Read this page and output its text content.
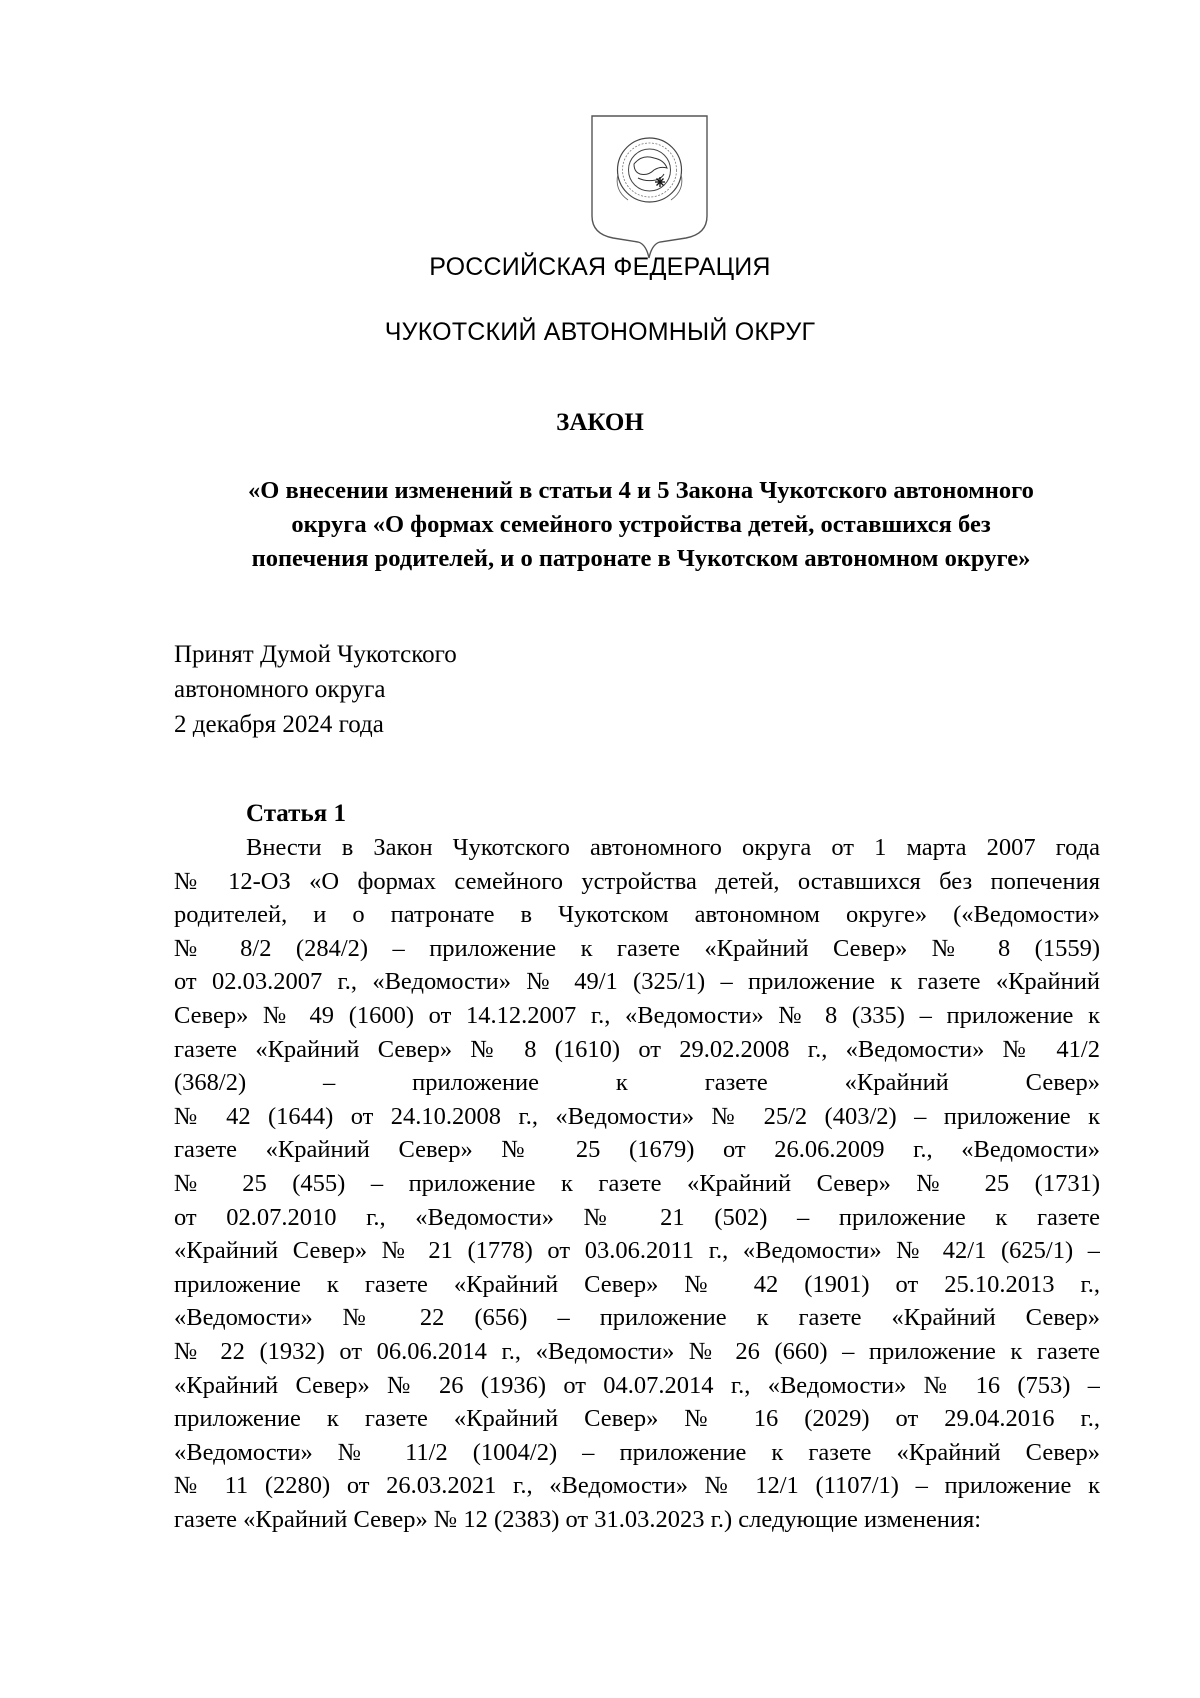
РОССИЙСКАЯ ФЕДЕРАЦИЯ
ЧУКОТСКИЙ АВТОНОМНЫЙ ОКРУГ
ЗАКОН
«О внесении изменений в статьи 4 и 5 Закона Чукотского автономного
округа «О формах семейного устройства детей, оставшихся без
попечения родителей, и о патронате в Чукотском автономном округе»
Принят Думой Чукотского
автономного округа
2 декабря 2024 года
Статья 1
Внести в Закон Чукотского автономного округа от 1 марта 2007 года
№ 12-ОЗ «О формах семейного устройства детей, оставшихся без попечения
родителей, и о патронате в Чукотском автономном округе» («Ведомости»
№ 8/2 (284/2) – приложение к газете «Крайний Север» № 8 (1559)
от 02.03.2007 г., «Ведомости» № 49/1 (325/1) – приложение к газете «Крайний
Север» № 49 (1600) от 14.12.2007 г., «Ведомости» № 8 (335) – приложение к
газете «Крайний Север» № 8 (1610) от 29.02.2008 г., «Ведомости» № 41/2
(368/2) – приложение к газете «Крайний Север»
№ 42 (1644) от 24.10.2008 г., «Ведомости» № 25/2 (403/2) – приложение к
газете «Крайний Север» № 25 (1679) от 26.06.2009 г., «Ведомости»
№ 25 (455) – приложение к газете «Крайний Север» № 25 (1731)
от 02.07.2010 г., «Ведомости» № 21 (502) – приложение к газете
«Крайний Север» № 21 (1778) от 03.06.2011 г., «Ведомости» № 42/1 (625/1) –
приложение к газете «Крайний Север» № 42 (1901) от 25.10.2013 г.,
«Ведомости» № 22 (656) – приложение к газете «Крайний Север»
№ 22 (1932) от 06.06.2014 г., «Ведомости» № 26 (660) – приложение к газете
«Крайний Север» № 26 (1936) от 04.07.2014 г., «Ведомости» № 16 (753) –
приложение к газете «Крайний Север» № 16 (2029) от 29.04.2016 г.,
«Ведомости» № 11/2 (1004/2) – приложение к газете «Крайний Север»
№ 11 (2280) от 26.03.2021 г., «Ведомости» № 12/1 (1107/1) – приложение к
газете «Крайний Север» № 12 (2383) от 31.03.2023 г.) следующие изменения:
